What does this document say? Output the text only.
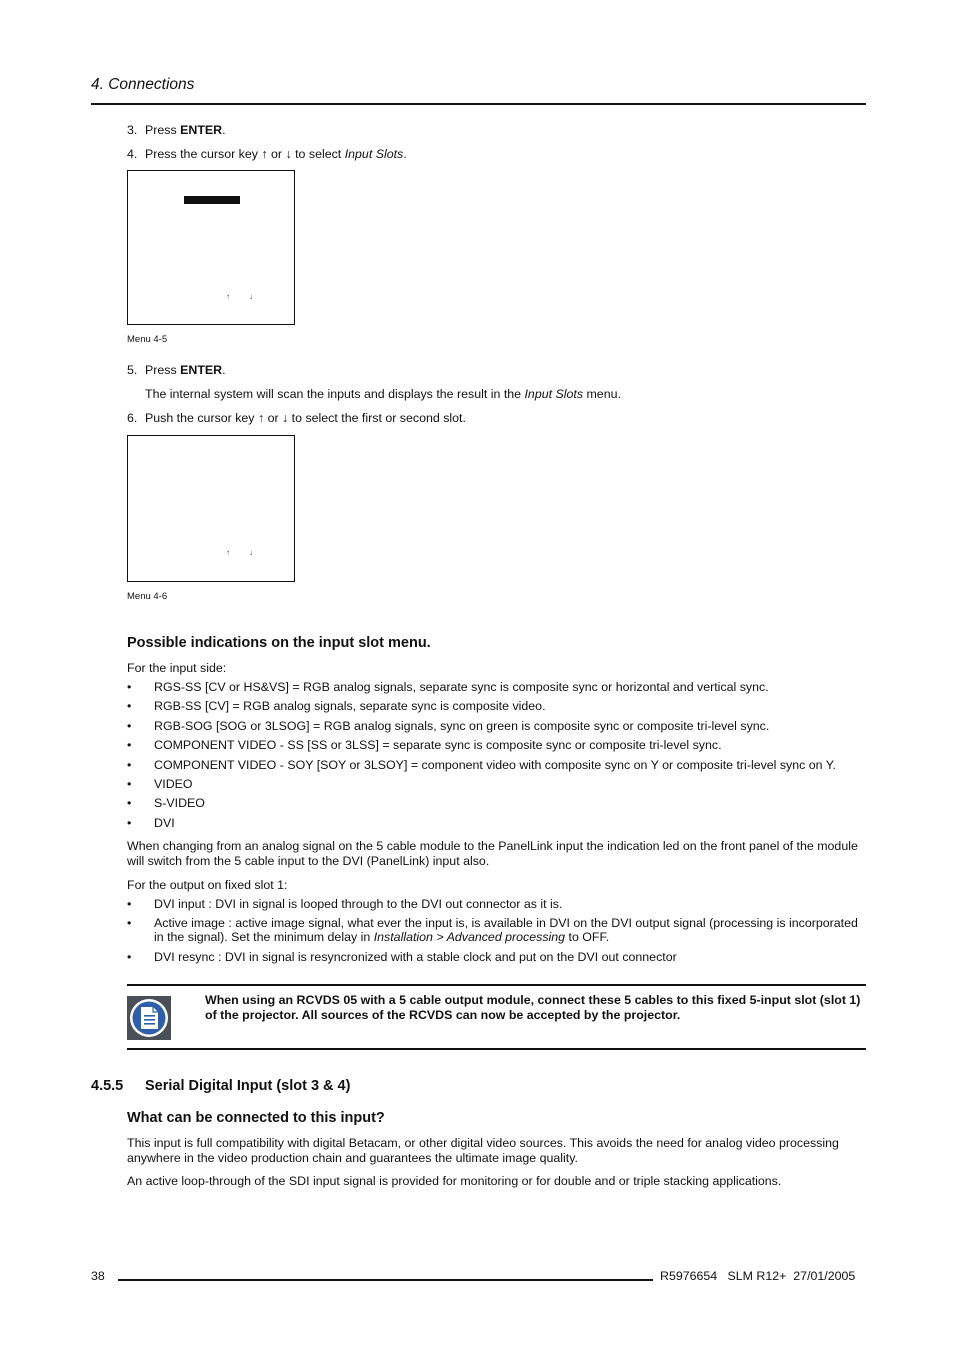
4. Connections
3. Press ENTER.
4. Press the cursor key ↑ or ↓ to select Input Slots.
↑ ↓
Menu 4-5
5. Press ENTER.
The internal system will scan the inputs and displays the result in the Input Slots menu.
6. Push the cursor key ↑ or ↓ to select the first or second slot.
↑ ↓
Menu 4-6
Possible indications on the input slot menu.
For the input side:
• RGS-SS [CV or HS&VS] = RGB analog signals, separate sync is composite sync or horizontal and vertical sync.
• RGB-SS [CV] = RGB analog signals, separate sync is composite video.
• RGB-SOG [SOG or 3LSOG] = RGB analog signals, sync on green is composite sync or composite tri-level sync.
• COMPONENT VIDEO - SS [SS or 3LSS] = separate sync is composite sync or composite tri-level sync.
• COMPONENT VIDEO - SOY [SOY or 3LSOY] = component video with composite sync on Y or composite tri-level sync on Y.
• VIDEO
• S-VIDEO
• DVI
When changing from an analog signal on the 5 cable module to the PanelLink input the indication led on the front panel of the module will switch from the 5 cable input to the DVI (PanelLink) input also.
For the output on fixed slot 1:
• DVI input : DVI in signal is looped through to the DVI out connector as it is.
• Active image : active image signal, what ever the input is, is available in DVI on the DVI output signal (processing is incorporated in the signal). Set the minimum delay in Installation > Advanced processing to OFF.
• DVI resync : DVI in signal is resyncronized with a stable clock and put on the DVI out connector
When using an RCVDS 05 with a 5 cable output module, connect these 5 cables to this fixed 5-input slot (slot 1) of the projector. All sources of the RCVDS can now be accepted by the projector.
4.5.5 Serial Digital Input (slot 3 & 4)
What can be connected to this input?
This input is full compatibility with digital Betacam, or other digital video sources. This avoids the need for analog video processing anywhere in the video production chain and guarantees the ultimate image quality.
An active loop-through of the SDI input signal is provided for monitoring or for double and or triple stacking applications.
38	R5976654   SLM R12+  27/01/2005
